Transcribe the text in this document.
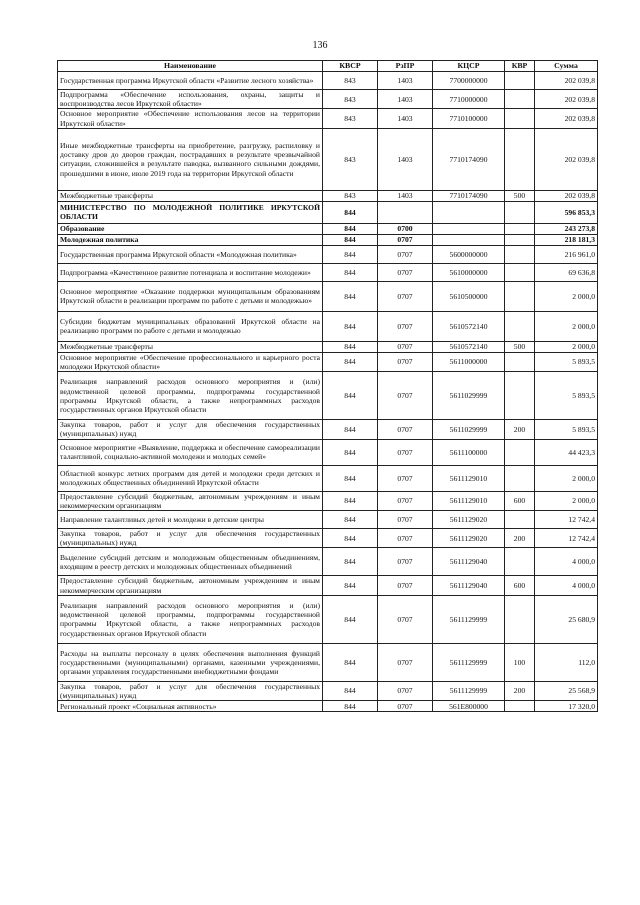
136
Наименование	КВСР	РзПР	КЦСР	КВР	Сумма
Государственная программа Иркутской области «Развитие лесного хозяйства»	843	1403	7700000000		202 039,8
Подпрограмма «Обеспечение использования, охраны, защиты и воспроизводства лесов Иркутской области»	843	1403	7710000000		202 039,8
Основное мероприятие «Обеспечение использования лесов на территории Иркутской области»	843	1403	7710100000		202 039,8
Иные межбюджетные трансферты на приобретение, разгрузку, распиловку и доставку дров до дворов граждан, пострадавших в результате чрезвычайной ситуации, сложившейся в результате паводка, вызванного сильными дождями, прошедшими в июне, июле 2019 года на территории Иркутской области	843	1403	7710174090		202 039,8
Межбюджетные трансферты	843	1403	7710174090	500	202 039,8
МИНИСТЕРСТВО ПО МОЛОДЕЖНОЙ ПОЛИТИКЕ ИРКУТСКОЙ ОБЛАСТИ	844				596 853,3
Образование	844	0700			243 273,8
Молодежная политика	844	0707			218 181,3
Государственная программа Иркутской области «Молодежная политика»	844	0707	5600000000		216 961,0
Подпрограмма «Качественное развитие потенциала и воспитание молодежи»	844	0707	5610000000		69 636,8
Основное мероприятие «Оказание поддержки муниципальным образованиям Иркутской области в реализации программ по работе с детьми и молодежью»	844	0707	5610500000		2 000,0
Субсидии бюджетам муниципальных образований Иркутской области на реализацию программ по работе с детьми и молодежью	844	0707	5610572140		2 000,0
Межбюджетные трансферты	844	0707	5610572140	500	2 000,0
Основное мероприятие «Обеспечение профессионального и карьерного роста молодежи Иркутской области»	844	0707	5611000000		5 893,5
Реализация направлений расходов основного мероприятия и (или) ведомственной целевой программы, подпрограммы государственной программы Иркутской области, а также непрограммных расходов государственных органов Иркутской области	844	0707	5611029999		5 893,5
Закупка товаров, работ и услуг для обеспечения государственных (муниципальных) нужд	844	0707	5611029999	200	5 893,5
Основное мероприятие «Выявление, поддержка и обеспечение самореализации талантливой, социально-активной молодежи и молодых семей»	844	0707	5611100000		44 423,3
Областной конкурс летних программ для детей и молодежи среди детских и молодежных общественных объединений Иркутской области	844	0707	5611129010		2 000,0
Предоставление субсидий бюджетным, автономным учреждениям и иным некоммерческим организациям	844	0707	5611129010	600	2 000,0
Направление талантливых детей и молодежи в детские центры	844	0707	5611129020		12 742,4
Закупка товаров, работ и услуг для обеспечения государственных (муниципальных) нужд	844	0707	5611129020	200	12 742,4
Выделение субсидий детским и молодежным общественным объединениям, входящим в реестр детских и молодежных общественных объединений	844	0707	5611129040		4 000,0
Предоставление субсидий бюджетным, автономным учреждениям и иным некоммерческим организациям	844	0707	5611129040	600	4 000,0
Реализация направлений расходов основного мероприятия и (или) ведомственной целевой программы, подпрограммы государственной программы Иркутской области, а также непрограммных расходов государственных органов Иркутской области	844	0707	5611129999		25 680,9
Расходы на выплаты персоналу в целях обеспечения выполнения функций государственными (муниципальными) органами, казенными учреждениями, органами управления государственными внебюджетными фондами	844	0707	5611129999	100	112,0
Закупка товаров, работ и услуг для обеспечения государственных (муниципальных) нужд	844	0707	5611129999	200	25 568,9
Региональный проект «Социальная активность»	844	0707	561E800000		17 320,0
